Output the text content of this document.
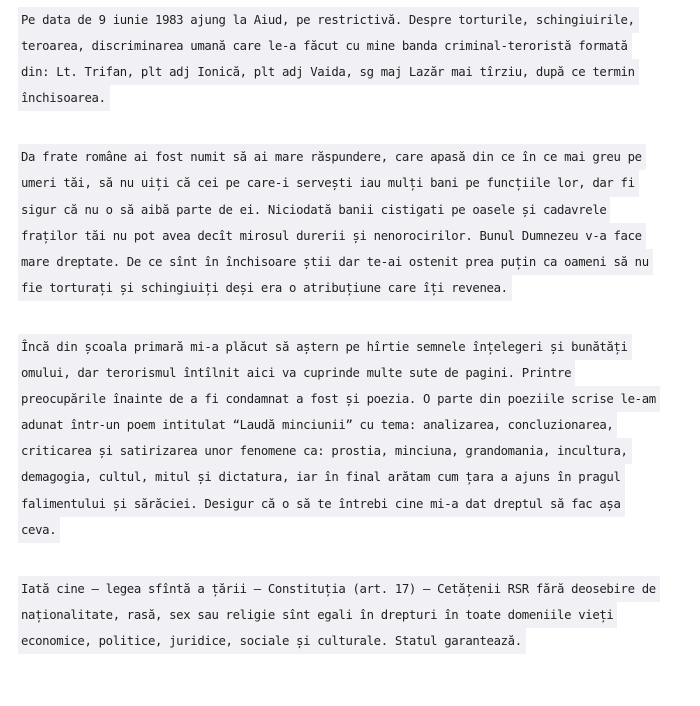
Pe data de 9 iunie 1983 ajung la Aiud, pe restrictivă. Despre torturile, schingiuirile,
teroarea, discriminarea umană care le-a făcut cu mine banda criminal-teroristă formată
din: Lt. Trifan, plt adj Ionică, plt adj Vaida, sg maj Lazăr mai tîrziu, după ce termin
închisoarea.
Da frate române ai fost numit să ai mare răspundere, care apasă din ce în ce mai greu pe
umeri tăi, să nu uiți că cei pe care-i servești iau mulți bani pe funcțiile lor, dar fi
sigur că nu o să aibă parte de ei. Niciodată banii cistigati pe oasele și cadavrele
fraților tăi nu pot avea decît mirosul durerii și nenorocirilor. Bunul Dumnezeu v-a face
mare dreptate. De ce sînt în închisoare știi dar te-ai ostenit prea puțin ca oameni să nu
fie torturați și schingiuiți deși era o atribuțiune care îți revenea.
Încă din școala primară mi-a plăcut să aștern pe hîrtie semnele înțelegeri și bunătăți
omului, dar terorismul întîlnit aici va cuprinde multe sute de pagini. Printre
preocupările înainte de a fi condamnat a fost și poezia. O parte din poeziile scrise le-am
adunat într-un poem intitulat “Laudă minciunii” cu tema: analizarea, concluzionarea,
criticarea și satirizarea unor fenomene ca: prostia, minciuna, grandomania, incultura,
demagogia, cultul, mitul și dictatura, iar în final arătam cum țara a ajuns în pragul
falimentului și sărăciei. Desigur că o să te întrebi cine mi-a dat dreptul să fac așa
ceva.
Iată cine – legea sfîntă a țării – Constituția (art. 17) – Cetățenii RSR fără deosebire de
naționalitate, rasă, sex sau religie sînt egali în drepturi în toate domeniile vieți
economice, politice, juridice, sociale și culturale. Statul garantează.
